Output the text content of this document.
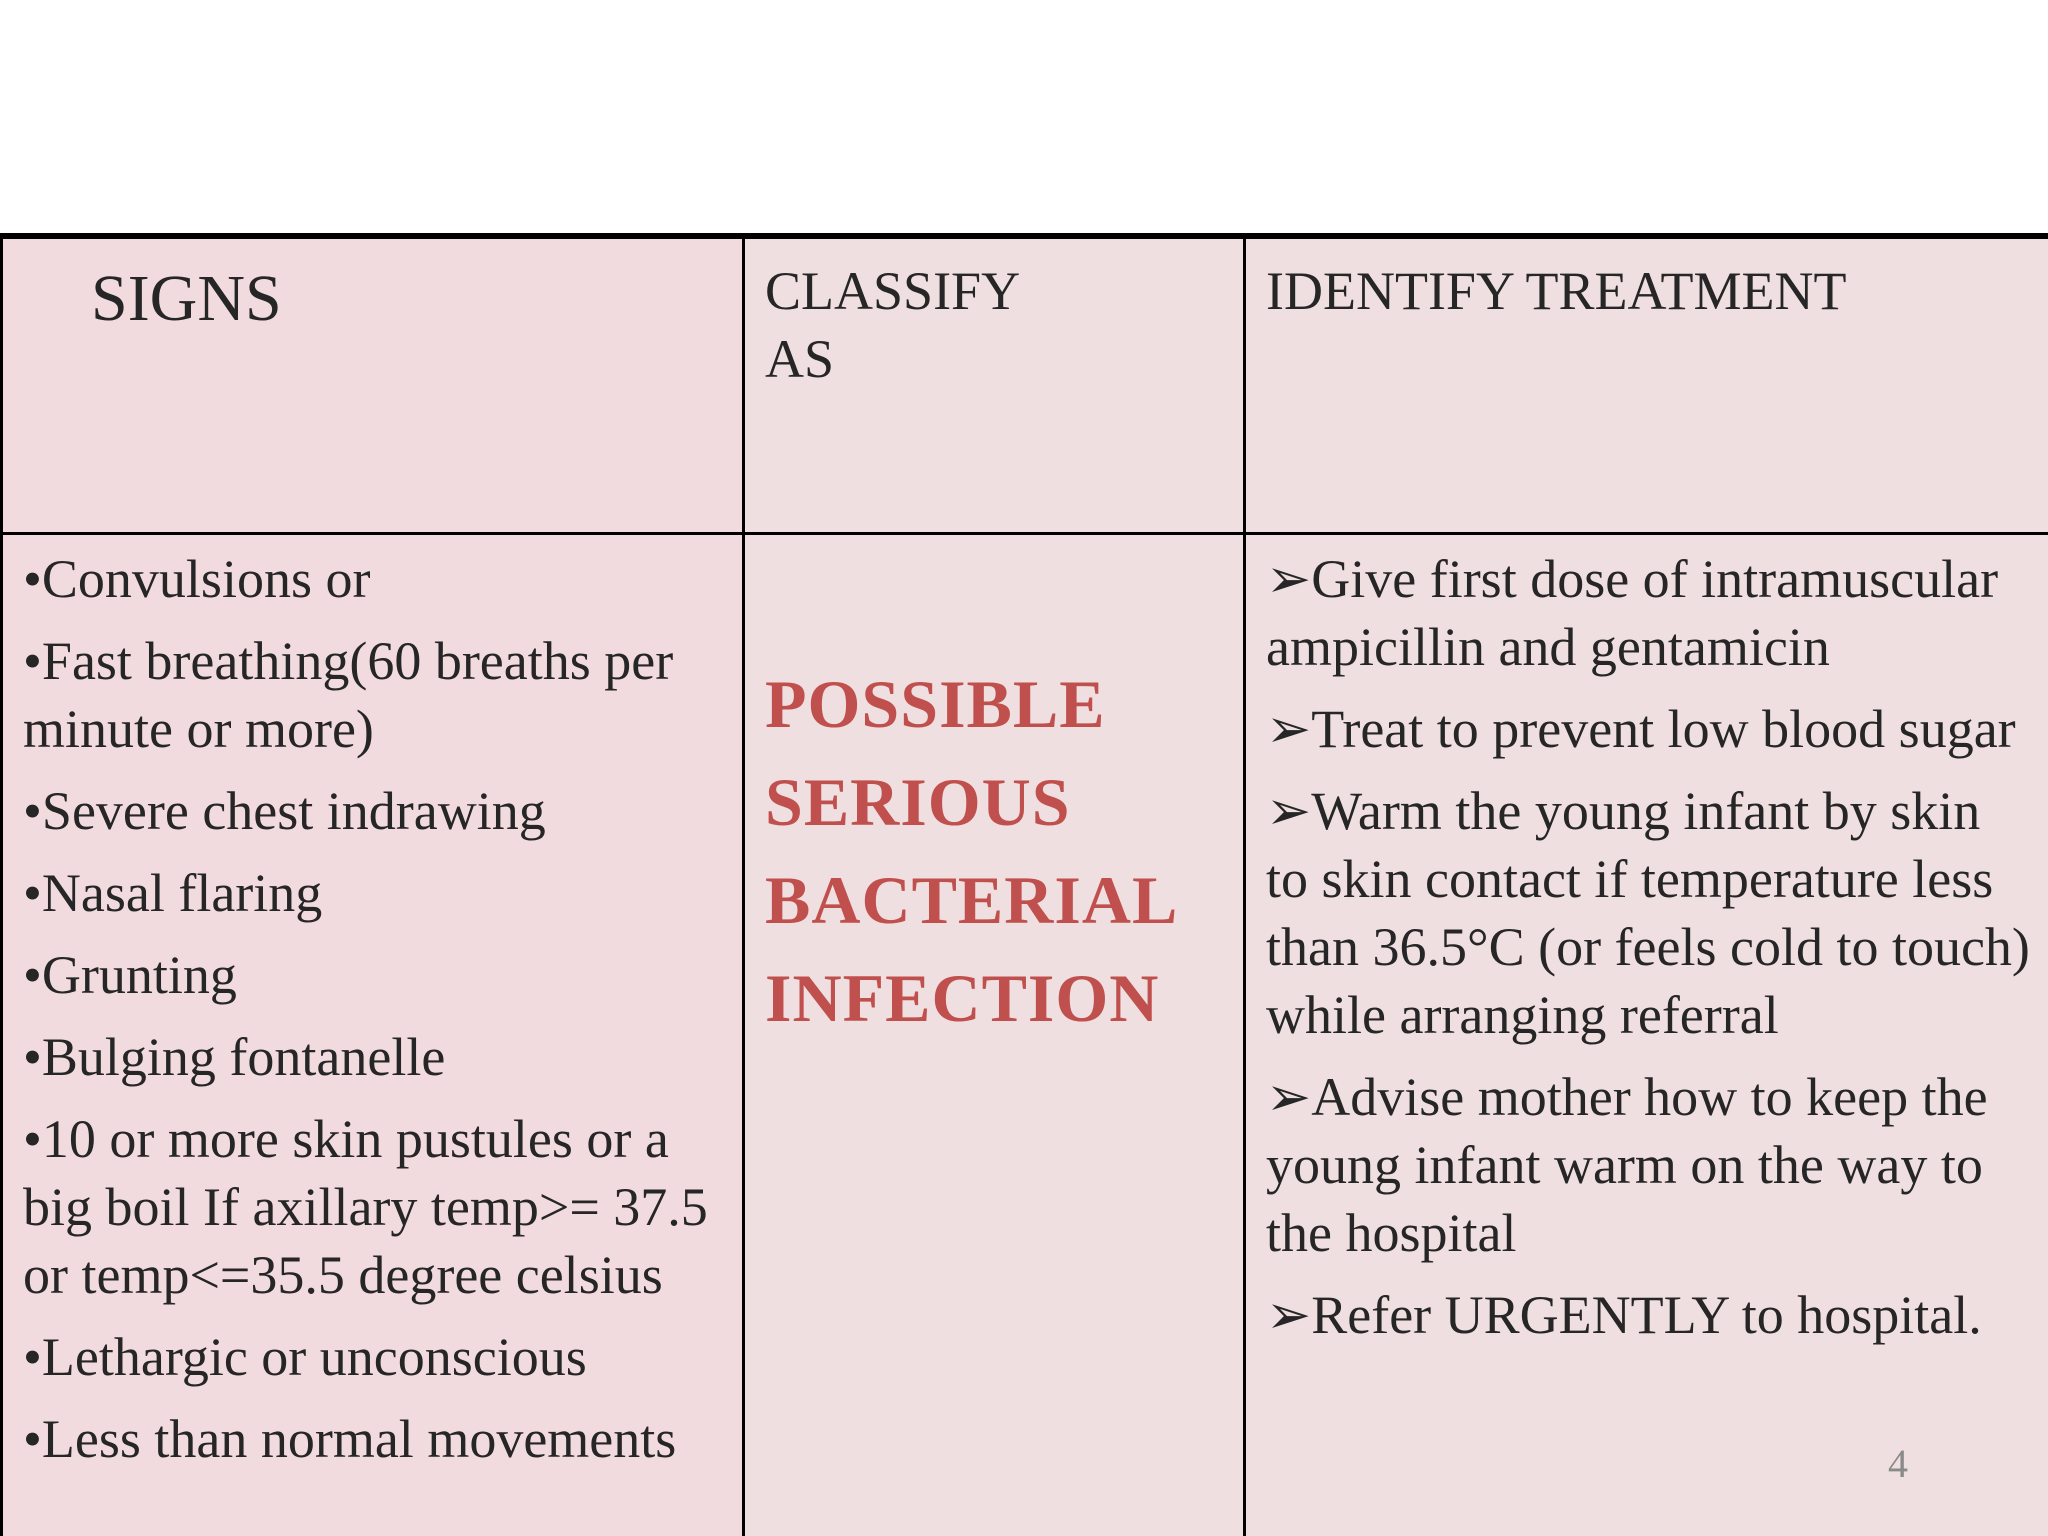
SIGNS	CLASSIFY
AS

IDENTIFY TREATMENT

•Convulsions or
•Fast breathing(60 breaths per minute or more)
•Severe chest indrawing
•Nasal flaring
•Grunting
•Bulging fontanelle
•10 or more skin pustules or a big boil If axillary temp>= 37.5 or temp<=35.5 degree celsius
•Lethargic or unconscious
•Less than normal movements
POSSIBLE
SERIOUS
BACTERIAL
INFECTION
➢Give first dose of intramuscular ampicillin and gentamicin
➢Treat to prevent low blood sugar
➢Warm the young infant by skin to skin contact if temperature less than 36.5°C (or feels cold to touch) while arranging referral
➢Advise mother how to keep the young infant warm on the way to the hospital
➢Refer URGENTLY to hospital.
4
